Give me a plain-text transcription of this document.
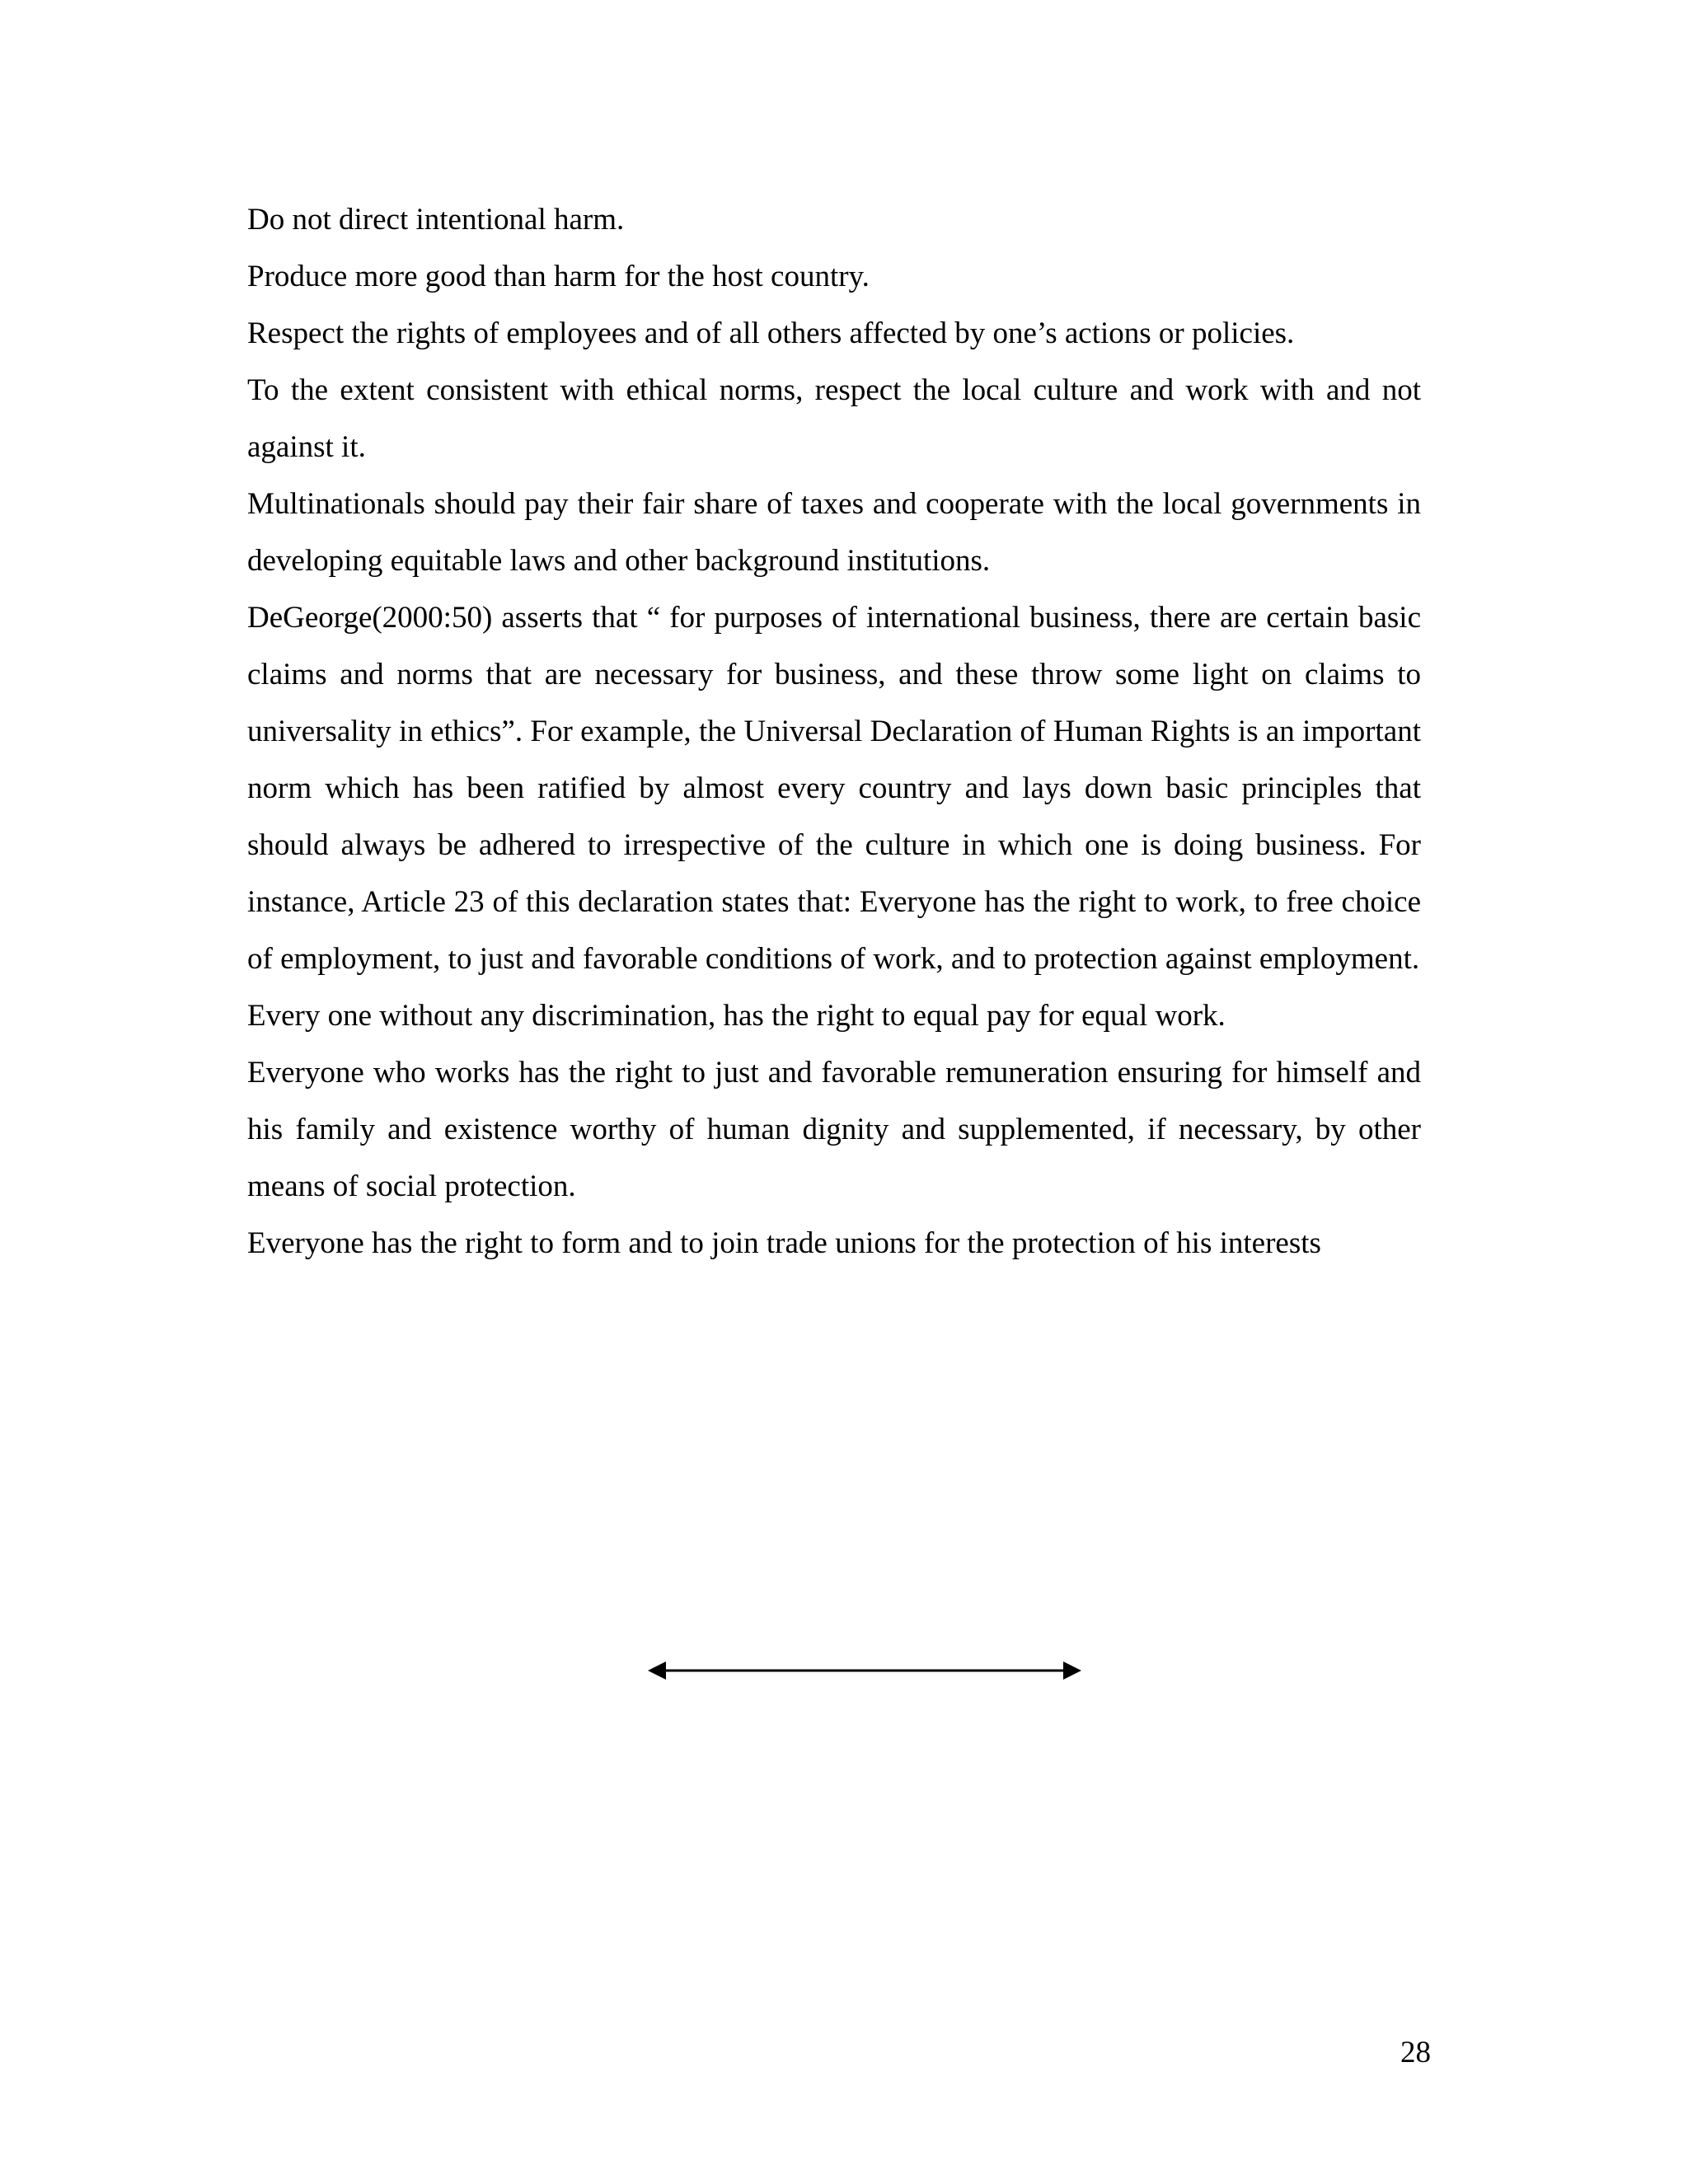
Do not direct intentional harm.

Produce more good than harm for the host country.

Respect the rights of employees and of all others affected by one’s actions or policies.

To the extent consistent with ethical norms, respect the local culture and work with and not against it.

Multinationals should pay their fair share of taxes and cooperate with the local governments in developing equitable laws and other background institutions.

DeGeorge(2000:50) asserts that “ for purposes of international business, there are certain basic claims and norms that are necessary for business, and these throw some light on claims to universality in ethics”. For example, the Universal Declaration of Human Rights is an important norm which has been ratified by almost every country and lays down basic principles that should always be adhered to irrespective of the culture in which one is doing business. For instance, Article 23 of this declaration states that: Everyone has the right to work, to free choice of employment, to just and favorable conditions of work, and to protection against employment.

Every one without any discrimination, has the right to equal pay for equal work.

Everyone who works has the right to just and favorable remuneration ensuring for himself and his family and existence worthy of human dignity and supplemented, if necessary, by other means of social protection.

Everyone has the right to form and to join trade unions for the protection of his interests

28
